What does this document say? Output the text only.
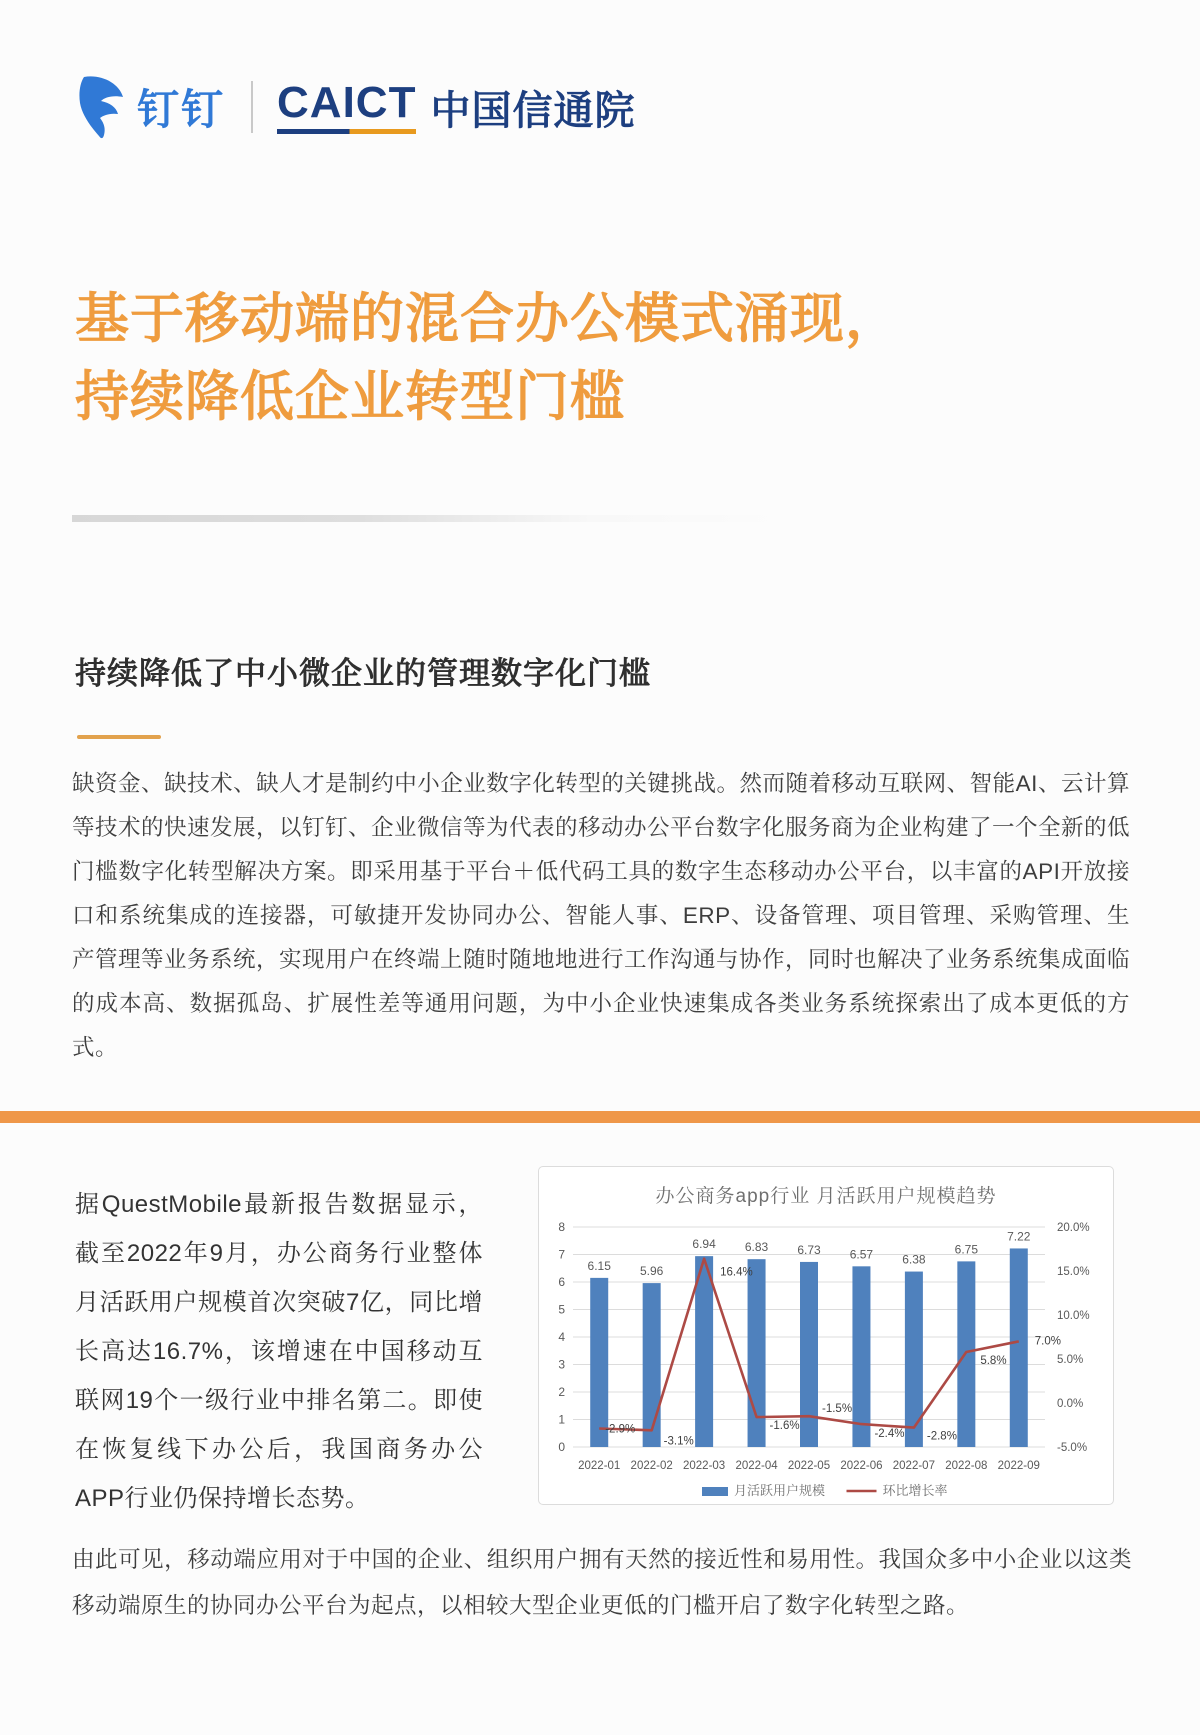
钉钉 CAICT 中国信通院
基于移动端的混合办公模式涌现，
持续降低企业转型门槛
持续降低了中小微企业的管理数字化门槛
缺资金、缺技术、缺人才是制约中小企业数字化转型的关键挑战。然而随着移动互联网、智能AI、云计算等技术的快速发展，以钉钉、企业微信等为代表的移动办公平台数字化服务商为企业构建了一个全新的低门槛数字化转型解决方案。即采用基于平台＋低代码工具的数字生态移动办公平台，以丰富的API开放接口和系统集成的连接器，可敏捷开发协同办公、智能人事、ERP、设备管理、项目管理、采购管理、生产管理等业务系统，实现用户在终端上随时随地地进行工作沟通与协作，同时也解决了业务系统集成面临的成本高、数据孤岛、扩展性差等通用问题，为中小企业快速集成各类业务系统探索出了成本更低的方式。
据QuestMobile最新报告数据显示，截至2022年9月，办公商务行业整体月活跃用户规模首次突破7亿，同比增长高达16.7%，该增速在中国移动互联网19个一级行业中排名第二。即使在恢复线下办公后，我国商务办公APP行业仍保持增长态势。
办公商务app行业 月活跃用户规模趋势
0
1
2
3
4
5
6
7
8	20.0%
15.0%
10.0%
5.0%
0.0%
-5.0%
6.15 5.96
6.94 6.83 6.73 6.57 6.38
6.75
7.22
-2.9%
-3.1%
16.4%
-1.6%
-1.5%
-2.4% -2.8%
5.8%
7.0%
2022-01 2022-02 2022-03 2022-04 2022-05 2022-06 2022-07 2022-08 2022-09
月活跃用户规模	环比增长率
由此可见，移动端应用对于中国的企业、组织用户拥有天然的接近性和易用性。我国众多中小企业以这类移动端原生的协同办公平台为起点，以相较大型企业更低的门槛开启了数字化转型之路。
